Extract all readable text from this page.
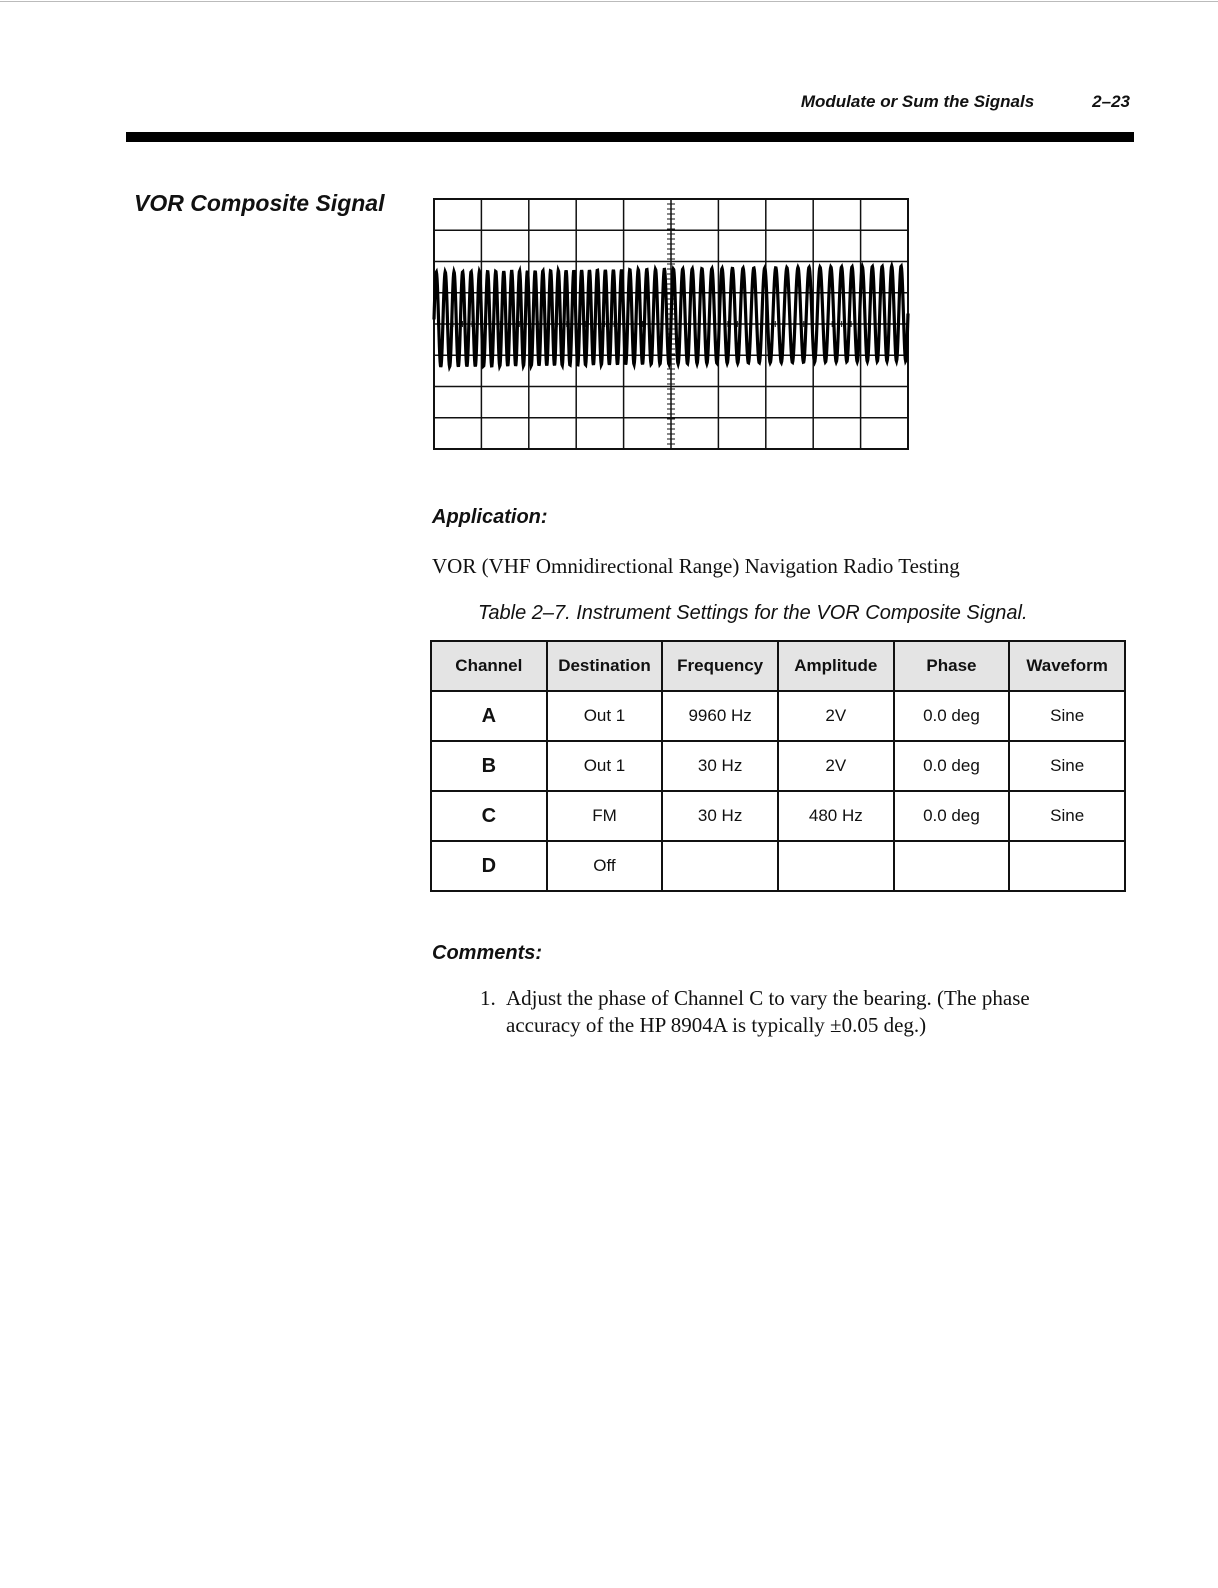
Modulate or Sum the Signals	2–23
VOR Composite Signal
Application:
VOR (VHF Omnidirectional Range) Navigation Radio Testing
Table 2–7. Instrument Settings for the VOR Composite Signal.
Channel	Destination	Frequency	Amplitude	Phase	Waveform
A	Out 1	9960 Hz	2V	0.0 deg	Sine
B	Out 1	30 Hz	2V	0.0 deg	Sine
C	FM	30 Hz	480 Hz	0.0 deg	Sine
D	Off				
Comments:
1. Adjust the phase of Channel C to vary the bearing. (The phase accuracy of the HP 8904A is typically ±0.05 deg.)
